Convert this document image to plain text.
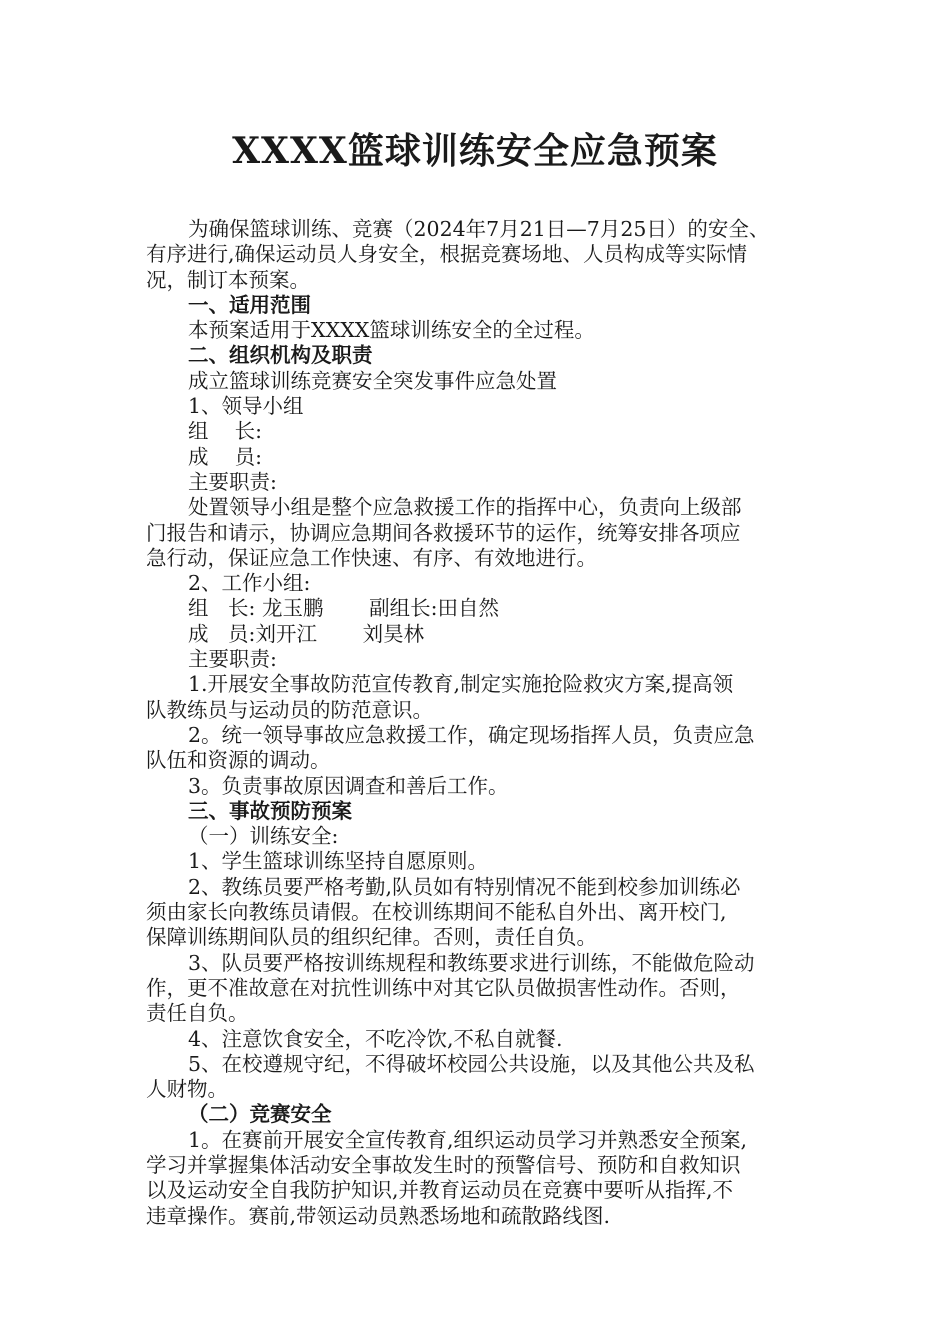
XXXX篮球训练安全应急预案

为确保篮球训练、竞赛（2024年7月21日—7月25日）的安全、

有序进行,确保运动员人身安全，根据竞赛场地、人员构成等实际情

况，制订本预案。

一、适用范围

本预案适用于XXXX篮球训练安全的全过程。

二、组织机构及职责

成立篮球训练竞赛安全突发事件应急处置

1、领导小组

组    长:

成    员:

主要职责:

处置领导小组是整个应急救援工作的指挥中心，负责向上级部

门报告和请示，协调应急期间各救援环节的运作，统筹安排各项应

急行动，保证应急工作快速、有序、有效地进行。

2、工作小组:

组   长: 龙玉鹏       副组长:田自然

成   员:刘开江       刘昊林

主要职责:

1.开展安全事故防范宣传教育,制定实施抢险救灾方案,提高领

队教练员与运动员的防范意识。

2。统一领导事故应急救援工作，确定现场指挥人员，负责应急

队伍和资源的调动。

3。负责事故原因调查和善后工作。

三、事故预防预案

（一）训练安全:

1、学生篮球训练坚持自愿原则。

2、教练员要严格考勤,队员如有特别情况不能到校参加训练必

须由家长向教练员请假。在校训练期间不能私自外出、离开校门,

保障训练期间队员的组织纪律。否则，责任自负。

3、队员要严格按训练规程和教练要求进行训练，不能做危险动

作，更不准故意在对抗性训练中对其它队员做损害性动作。否则，

责任自负。

4、注意饮食安全，不吃冷饮,不私自就餐.

5、在校遵规守纪，不得破坏校园公共设施，以及其他公共及私

人财物。

（二）竞赛安全

1。在赛前开展安全宣传教育,组织运动员学习并熟悉安全预案,

学习并掌握集体活动安全事故发生时的预警信号、预防和自救知识

以及运动安全自我防护知识,并教育运动员在竞赛中要听从指挥,不

违章操作。赛前,带领运动员熟悉场地和疏散路线图.
